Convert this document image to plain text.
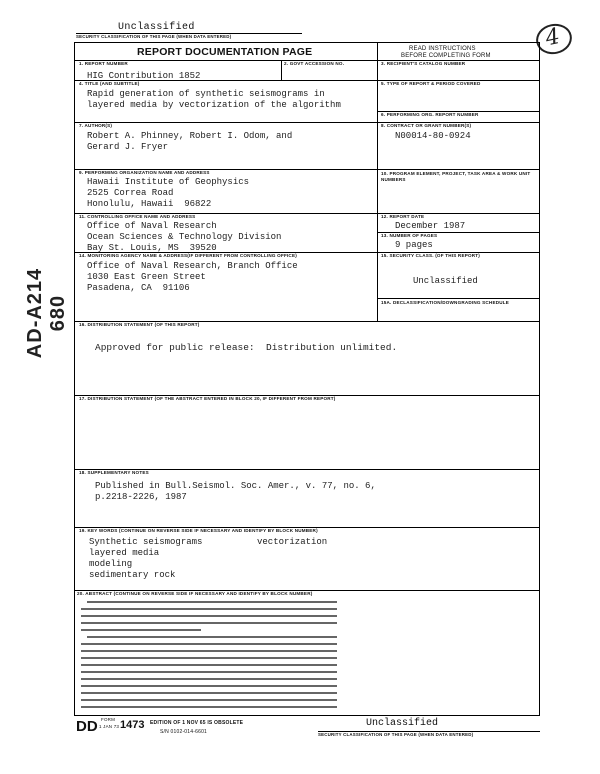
Unclassified
SECURITY CLASSIFICATION OF THIS PAGE (WHEN DATA ENTERED)	4
AD-A214 680
REPORT DOCUMENTATION PAGE	READ INSTRUCTIONS
BEFORE COMPLETING FORM
1. REPORT NUMBER	2. GOVT ACCESSION NO.	3. RECIPIENT'S CATALOG NUMBER
HIG Contribution 1852
4. TITLE (AND SUBTITLE)
Rapid generation of synthetic seismograms in
layered media by vectorization of the algorithm
5. TYPE OF REPORT & PERIOD COVERED
6. PERFORMING ORG. REPORT NUMBER
7. AUTHOR(S)
Robert A. Phinney, Robert I. Odom, and
Gerard J. Fryer
8. CONTRACT OR GRANT NUMBER(S)
N00014-80-0924
9. PERFORMING ORGANIZATION NAME AND ADDRESS
Hawaii Institute of Geophysics
2525 Correa Road
Honolulu, Hawaii  96822
10. PROGRAM ELEMENT, PROJECT, TASK AREA & WORK UNIT NUMBERS
11. CONTROLLING OFFICE NAME AND ADDRESS
Office of Naval Research
Ocean Sciences & Technology Division
Bay St. Louis, MS  39520
12. REPORT DATE
December 1987
13. NUMBER OF PAGES
9 pages
14. MONITORING AGENCY NAME & ADDRESS(IF DIFFERENT FROM CONTROLLING OFFICE)
Office of Naval Research, Branch Office
1030 East Green Street
Pasadena, CA  91106
15. SECURITY CLASS. (OF THIS REPORT)
Unclassified
15A. DECLASSIFICATION/DOWNGRADING SCHEDULE
16. DISTRIBUTION STATEMENT (OF THIS REPORT)
Approved for public release:  Distribution unlimited.
17. DISTRIBUTION STATEMENT (OF THE ABSTRACT ENTERED IN BLOCK 20, IF DIFFERENT FROM REPORT)
18. SUPPLEMENTARY NOTES
Published in Bull.Seismol. Soc. Amer., v. 77, no. 6,
p.2218-2226, 1987
19. KEY WORDS (CONTINUE ON REVERSE SIDE IF NECESSARY AND IDENTIFY BY BLOCK NUMBER)
Synthetic seismograms
layered media
modeling
sedimentary rock
vectorization
20. ABSTRACT (CONTINUE ON REVERSE SIDE IF NECESSARY AND IDENTIFY BY BLOCK NUMBER)
DD FORM
1 JAN 73 1473 EDITION OF 1 NOV 65 IS OBSOLETE
S/N 0102-014-6601
Unclassified
SECURITY CLASSIFICATION OF THIS PAGE (WHEN DATA ENTERED)
